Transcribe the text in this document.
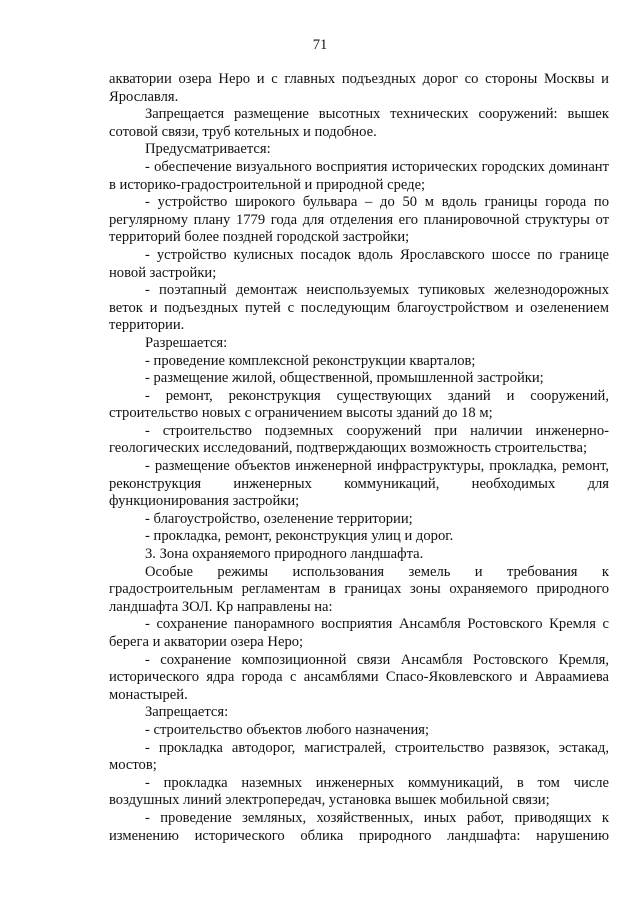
71

акватории озера Неро и с главных подъездных дорог со стороны Москвы и Ярославля.

Запрещается размещение высотных технических сооружений: вышек сотовой связи, труб котельных и подобное.

Предусматривается:

- обеспечение визуального восприятия исторических городских доминант в историко-градостроительной и природной среде;

- устройство широкого бульвара – до 50 м вдоль границы города по регулярному плану 1779 года для отделения его планировочной структуры от территорий более поздней городской застройки;

- устройство кулисных посадок вдоль Ярославского шоссе по границе новой застройки;

- поэтапный демонтаж неиспользуемых тупиковых железнодорожных веток и подъездных путей с последующим благоустройством и озеленением территории.

Разрешается:

- проведение комплексной реконструкции кварталов;

- размещение жилой, общественной, промышленной застройки;

- ремонт, реконструкция существующих зданий и сооружений, строительство новых с ограничением высоты зданий до 18 м;

- строительство подземных сооружений при наличии инженерно-геологических исследований, подтверждающих возможность строительства;

- размещение объектов инженерной инфраструктуры, прокладка, ремонт, реконструкция инженерных коммуникаций, необходимых для функционирования застройки;

- благоустройство, озеленение территории;

- прокладка, ремонт, реконструкция улиц и дорог.

3. Зона охраняемого природного ландшафта.

Особые режимы использования земель и требования к градостроительным регламентам в границах зоны охраняемого природного ландшафта ЗОЛ. Кр направлены на:

- сохранение панорамного восприятия Ансамбля Ростовского Кремля с берега и акватории озера Неро;

- сохранение композиционной связи Ансамбля Ростовского Кремля, исторического ядра города с ансамблями Спасо-Яковлевского и Авраамиева монастырей.

Запрещается:

- строительство объектов любого назначения;

- прокладка автодорог, магистралей, строительство развязок, эстакад, мостов;

- прокладка наземных инженерных коммуникаций, в том числе воздушных линий электропередач, установка вышек мобильной связи;

- проведение земляных, хозяйственных, иных работ, приводящих к изменению исторического облика природного ландшафта: нарушению
